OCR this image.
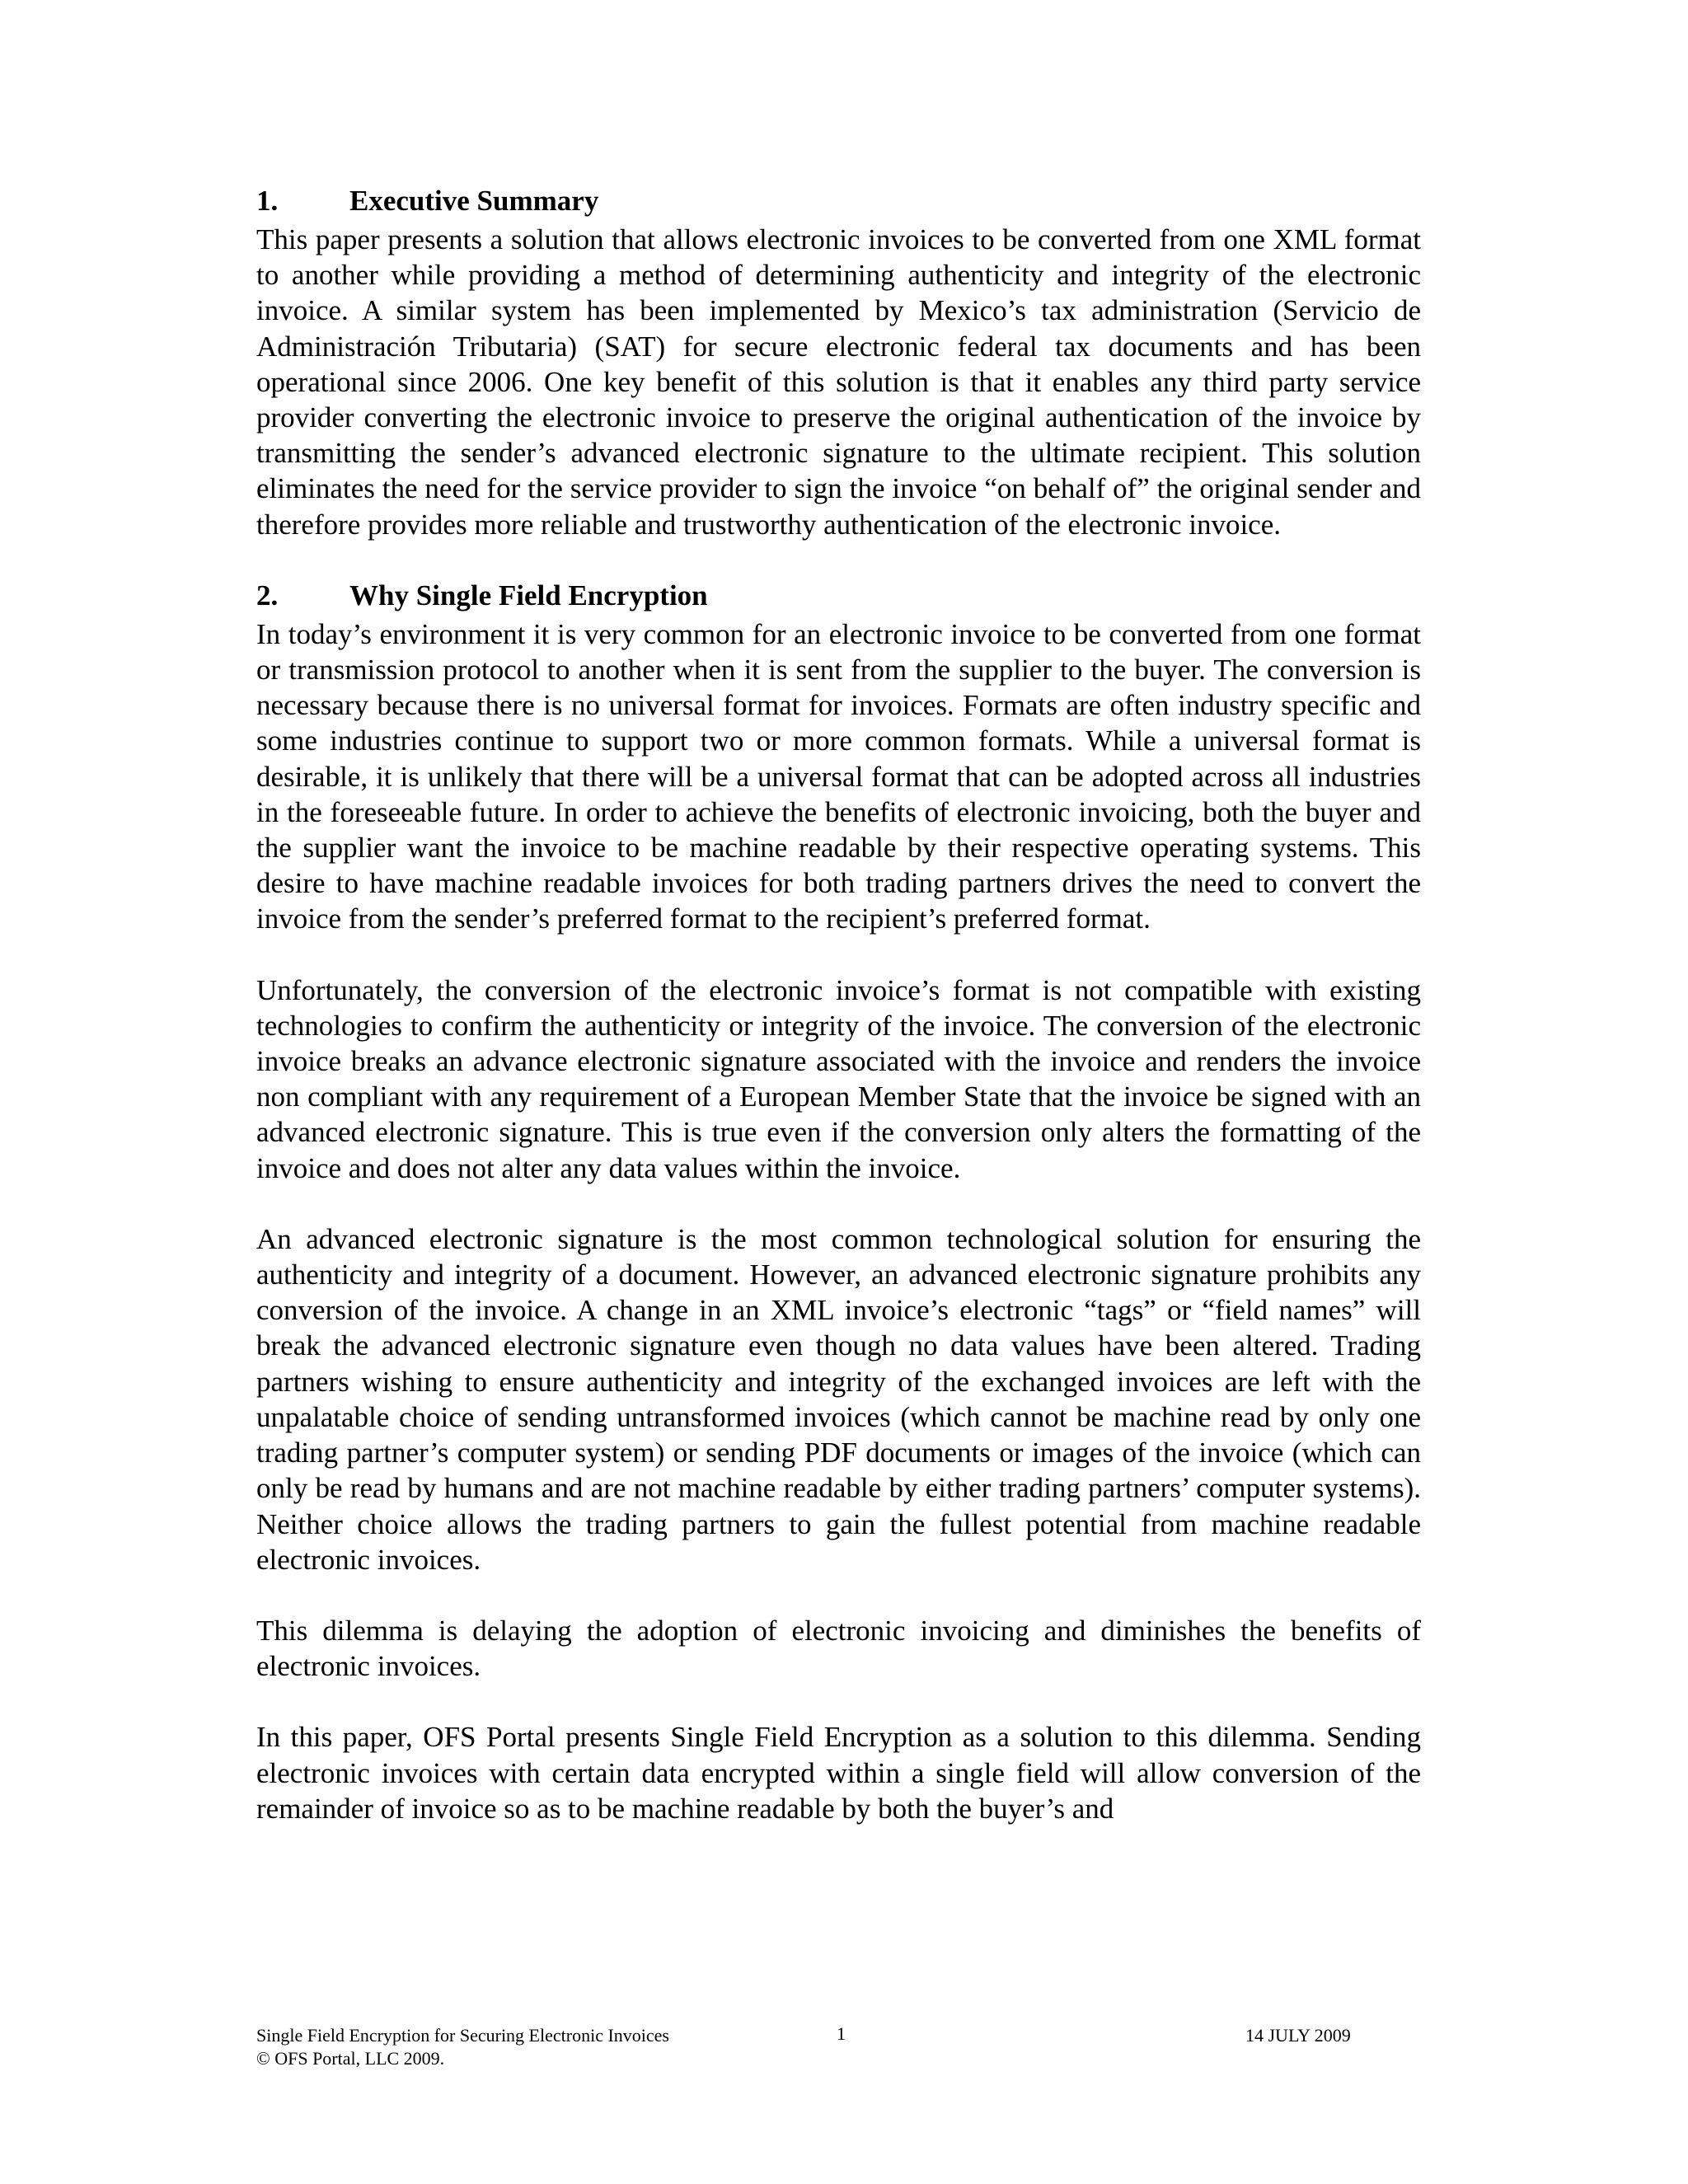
1.	Executive Summary

This paper presents a solution that allows electronic invoices to be converted from one XML format to another while providing a method of determining authenticity and integrity of the electronic invoice. A similar system has been implemented by Mexico’s tax administration (Servicio de Administración Tributaria) (SAT) for secure electronic federal tax documents and has been operational since 2006. One key benefit of this solution is that it enables any third party service provider converting the electronic invoice to preserve the original authentication of the invoice by transmitting the sender’s advanced electronic signature to the ultimate recipient. This solution eliminates the need for the service provider to sign the invoice “on behalf of” the original sender and therefore provides more reliable and trustworthy authentication of the electronic invoice.

2.	Why Single Field Encryption

In today’s environment it is very common for an electronic invoice to be converted from one format or transmission protocol to another when it is sent from the supplier to the buyer. The conversion is necessary because there is no universal format for invoices. Formats are often industry specific and some industries continue to support two or more common formats. While a universal format is desirable, it is unlikely that there will be a universal format that can be adopted across all industries in the foreseeable future. In order to achieve the benefits of electronic invoicing, both the buyer and the supplier want the invoice to be machine readable by their respective operating systems. This desire to have machine readable invoices for both trading partners drives the need to convert the invoice from the sender’s preferred format to the recipient’s preferred format.

Unfortunately, the conversion of the electronic invoice’s format is not compatible with existing technologies to confirm the authenticity or integrity of the invoice. The conversion of the electronic invoice breaks an advance electronic signature associated with the invoice and renders the invoice non compliant with any requirement of a European Member State that the invoice be signed with an advanced electronic signature. This is true even if the conversion only alters the formatting of the invoice and does not alter any data values within the invoice.

An advanced electronic signature is the most common technological solution for ensuring the authenticity and integrity of a document. However, an advanced electronic signature prohibits any conversion of the invoice. A change in an XML invoice’s electronic “tags” or “field names” will break the advanced electronic signature even though no data values have been altered. Trading partners wishing to ensure authenticity and integrity of the exchanged invoices are left with the unpalatable choice of sending untransformed invoices (which cannot be machine read by only one trading partner’s computer system) or sending PDF documents or images of the invoice (which can only be read by humans and are not machine readable by either trading partners’ computer systems). Neither choice allows the trading partners to gain the fullest potential from machine readable electronic invoices.

This dilemma is delaying the adoption of electronic invoicing and diminishes the benefits of electronic invoices.

In this paper, OFS Portal presents Single Field Encryption as a solution to this dilemma. Sending electronic invoices with certain data encrypted within a single field will allow conversion of the remainder of invoice so as to be machine readable by both the buyer’s and

Single Field Encryption for Securing Electronic Invoices
© OFS Portal, LLC 2009.
1	14 JULY 2009
